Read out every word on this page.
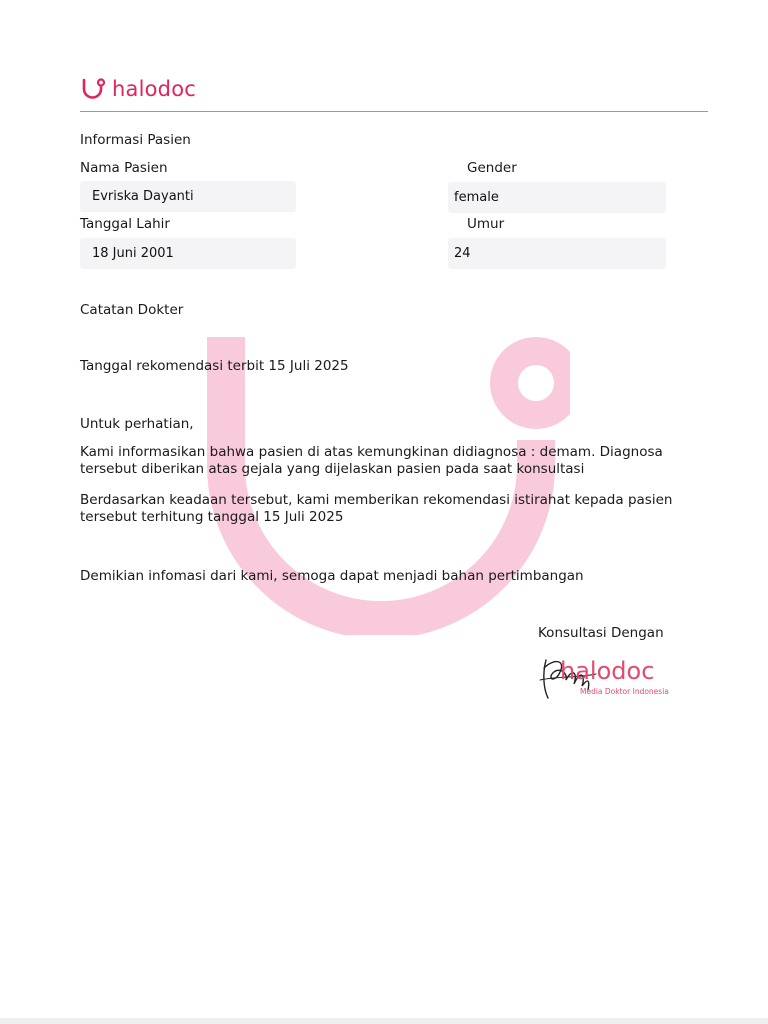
halodoc
Informasi Pasien
Nama Pasien	Gender
Evriska Dayanti	female
Tanggal Lahir	Umur
18 Juni 2001	24
Catatan Dokter
Tanggal rekomendasi terbit 15 Juli 2025
Untuk perhatian,
Kami informasikan bahwa pasien di atas kemungkinan didiagnosa : demam. Diagnosa tersebut diberikan atas gejala yang dijelaskan pasien pada saat konsultasi
Berdasarkan keadaan tersebut, kami memberikan rekomendasi istirahat kepada pasien tersebut terhitung tanggal 15 Juli 2025
Demikian infomasi dari kami, semoga dapat menjadi bahan pertimbangan
Konsultasi Dengan
halodoc
Media Doktor Indonesia
